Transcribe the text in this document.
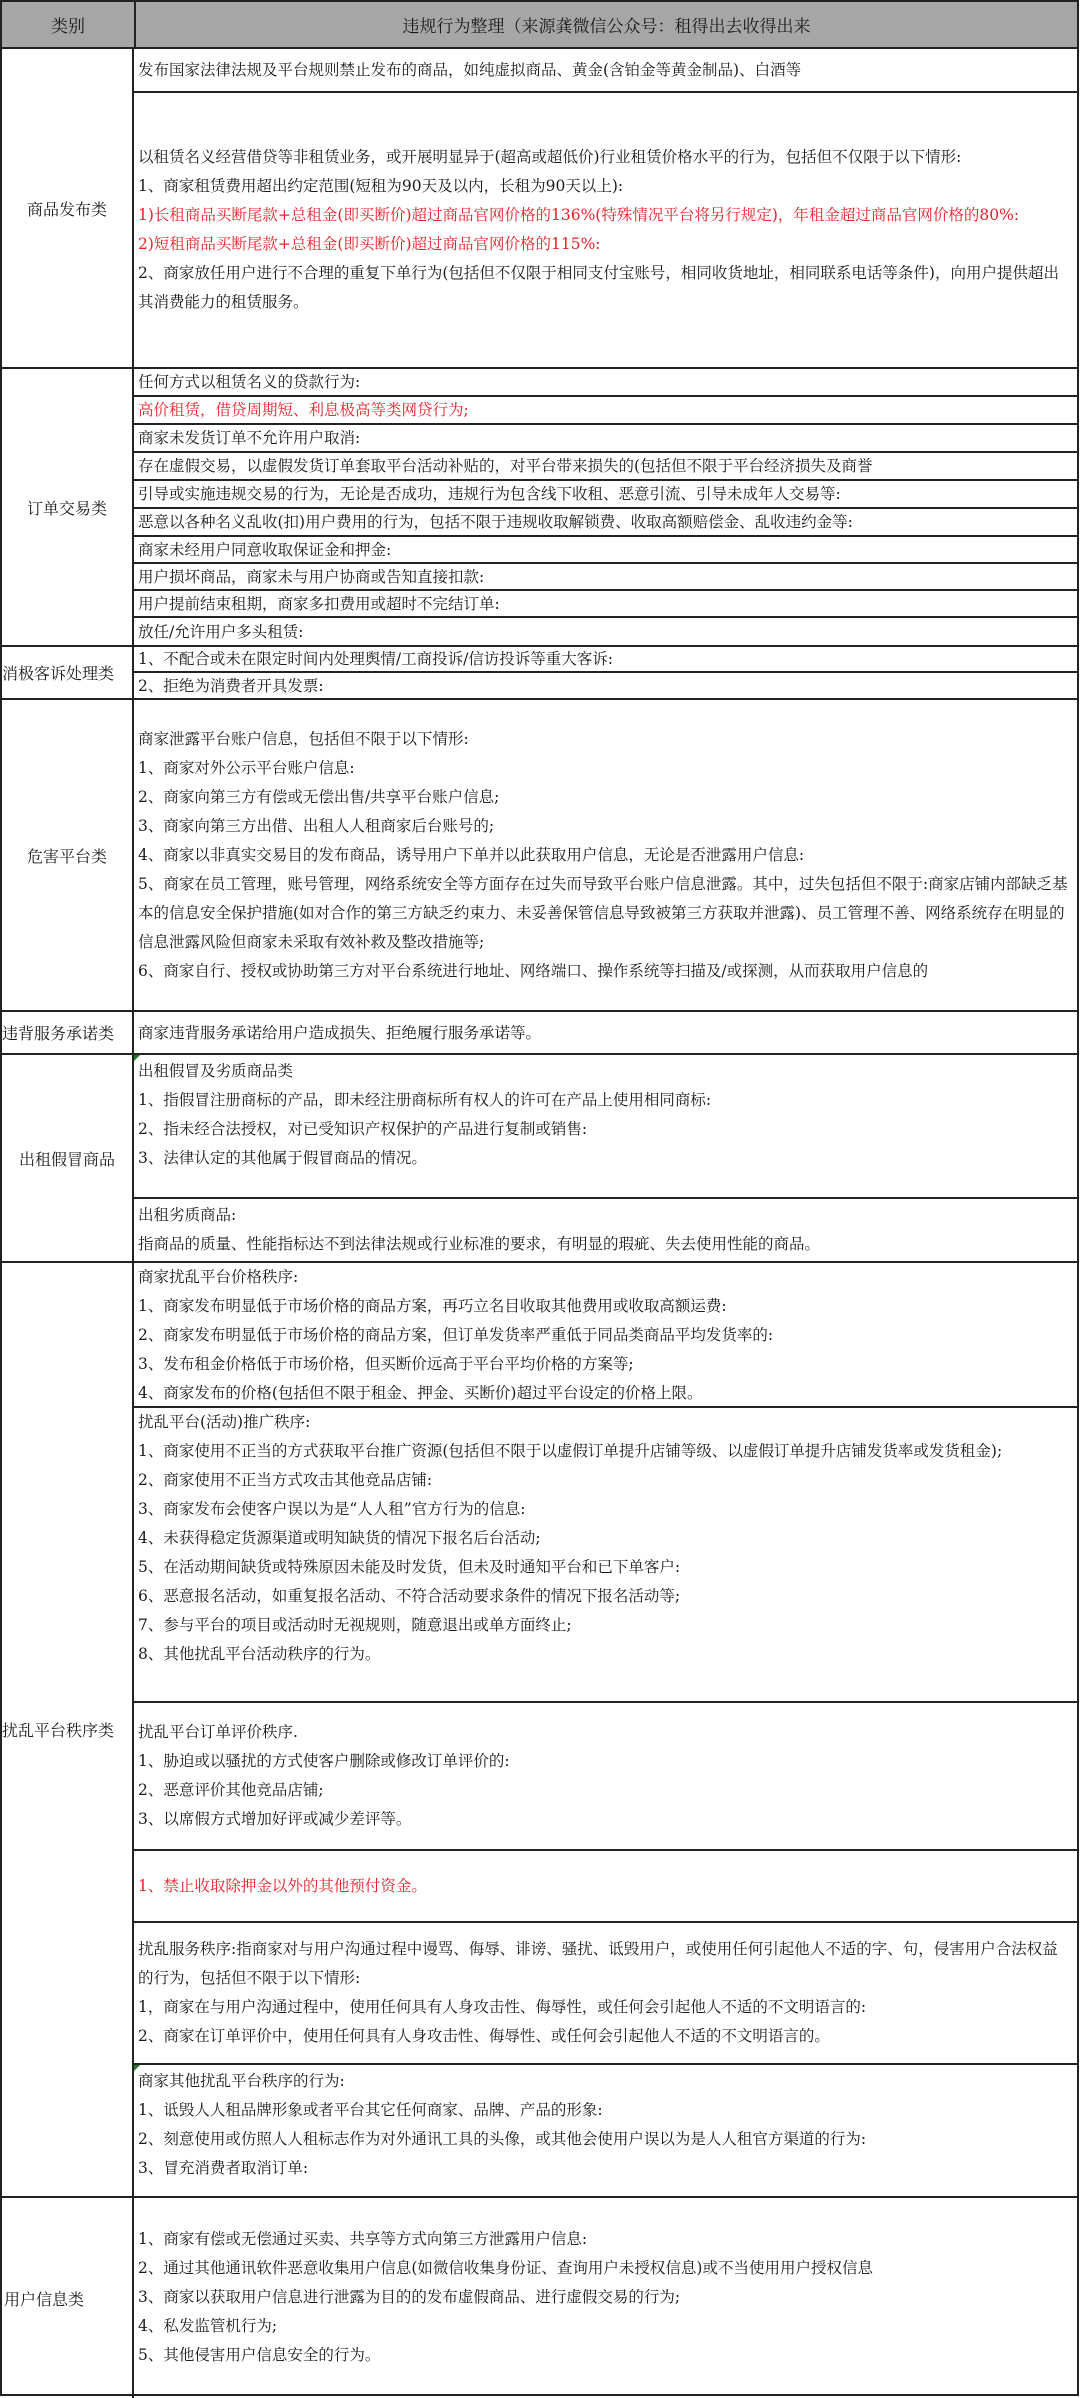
类别	违规行为整理（来源龚微信公众号：租得出去收得出来
商品发布类
发布国家法律法规及平台规则禁止发布的商品，如纯虚拟商品、黄金(含铂金等黄金制品)、白酒等
以租赁名义经营借贷等非租赁业务，或开展明显异于(超高或超低价)行业租赁价格水平的行为，包括但不仅限于以下情形:
1、商家租赁费用超出约定范围(短租为90天及以内，长租为90天以上):
1)长租商品买断尾款+总租金(即买断价)超过商品官网价格的136%(特殊情况平台将另行规定)，年租金超过商品官网价格的80%:
2)短租商品买断尾款+总租金(即买断价)超过商品官网价格的115%:
2、商家放任用户进行不合理的重复下单行为(包括但不仅限于相同支付宝账号，相同收货地址，相同联系电话等条件)，向用户提供超出其消费能力的租赁服务。
订单交易类
任何方式以租赁名义的贷款行为:
高价租赁，借贷周期短、利息极高等类网贷行为;
商家未发货订单不允许用户取消:
存在虚假交易，以虚假发货订单套取平台活动补贴的，对平台带来损失的(包括但不限于平台经济损失及商誉
引导或实施违规交易的行为，无论是否成功，违规行为包含线下收租、恶意引流、引导未成年人交易等:
恶意以各种名义乱收(扣)用户费用的行为，包括不限于违规收取解锁费、收取高额赔偿金、乱收违约金等:
商家未经用户同意收取保证金和押金:
用户损坏商品，商家未与用户协商或告知直接扣款:
用户提前结束租期，商家多扣费用或超时不完结订单:
放任/允许用户多头租赁:
消极客诉处理类
1、不配合或未在限定时间内处理舆情/工商投诉/信访投诉等重大客诉:
2、拒绝为消费者开具发票:
危害平台类
商家泄露平台账户信息，包括但不限于以下情形:
1、商家对外公示平台账户信息:
2、商家向第三方有偿或无偿出售/共享平台账户信息;
3、商家向第三方出借、出租人人租商家后台账号的;
4、商家以非真实交易目的发布商品，诱导用户下单并以此获取用户信息，无论是否泄露用户信息:
5、商家在员工管理，账号管理，网络系统安全等方面存在过失而导致平台账户信息泄露。其中，过失包括但不限于:商家店铺内部缺乏基本的信息安全保护措施(如对合作的第三方缺乏约束力、未妥善保管信息导致被第三方获取并泄露)、员工管理不善、网络系统存在明显的信息泄露风险但商家未采取有效补救及整改措施等;
6、商家自行、授权或协助第三方对平台系统进行地址、网络端口、操作系统等扫描及/或探测，从而获取用户信息的
违背服务承诺类	商家违背服务承诺给用户造成损失、拒绝履行服务承诺等。
出租假冒商品
出租假冒及劣质商品类
1、指假冒注册商标的产品，即未经注册商标所有权人的许可在产品上使用相同商标:
2、指未经合法授权，对已受知识产权保护的产品进行复制或销售:
3、法律认定的其他属于假冒商品的情况。
出租劣质商品:
指商品的质量、性能指标达不到法律法规或行业标准的要求，有明显的瑕疵、失去使用性能的商品。
扰乱平台秩序类
商家扰乱平台价格秩序:
1、商家发布明显低于市场价格的商品方案，再巧立名目收取其他费用或收取高额运费:
2、商家发布明显低于市场价格的商品方案，但订单发货率严重低于同品类商品平均发货率的:
3、发布租金价格低于市场价格，但买断价远高于平台平均价格的方案等;
4、商家发布的价格(包括但不限于租金、押金、买断价)超过平台设定的价格上限。
扰乱平台(活动)推广秩序:
1、商家使用不正当的方式获取平台推广资源(包括但不限于以虚假订单提升店铺等级、以虚假订单提升店铺发货率或发货租金);
2、商家使用不正当方式攻击其他竞品店铺:
3、商家发布会使客户误以为是“人人租”官方行为的信息:
4、未获得稳定货源渠道或明知缺货的情况下报名后台活动;
5、在活动期间缺货或特殊原因未能及时发货，但未及时通知平台和已下单客户:
6、恶意报名活动，如重复报名活动、不符合活动要求条件的情况下报名活动等;
7、参与平台的项目或活动时无视规则，随意退出或单方面终止;
8、其他扰乱平台活动秩序的行为。
扰乱平台订单评价秩序.
1、胁迫或以骚扰的方式使客户删除或修改订单评价的:
2、恶意评价其他竞品店铺;
3、以席假方式增加好评或减少差评等。
1、禁止收取除押金以外的其他预付资金。
扰乱服务秩序:指商家对与用户沟通过程中谩骂、侮辱、诽谤、骚扰、诋毁用户，或使用任何引起他人不适的字、句，侵害用户合法权益的行为，包括但不限于以下情形:
1，商家在与用户沟通过程中，使用任何具有人身攻击性、侮辱性，或任何会引起他人不适的不文明语言的:
2、商家在订单评价中，使用任何具有人身攻击性、侮辱性、或任何会引起他人不适的不文明语言的。
商家其他扰乱平台秩序的行为:
1、诋毁人人租品牌形象或者平台其它任何商家、品牌、产品的形象:
2、刻意使用或仿照人人租标志作为对外通讯工具的头像，或其他会使用户误以为是人人租官方渠道的行为:
3、冒充消费者取消订单:
用户信息类
1、商家有偿或无偿通过买卖、共享等方式向第三方泄露用户信息:
2、通过其他通讯软件恶意收集用户信息(如微信收集身份证、查询用户未授权信息)或不当使用用户授权信息
3、商家以获取用户信息进行泄露为目的的发布虚假商品、进行虚假交易的行为;
4、私发监管机行为;
5、其他侵害用户信息安全的行为。
